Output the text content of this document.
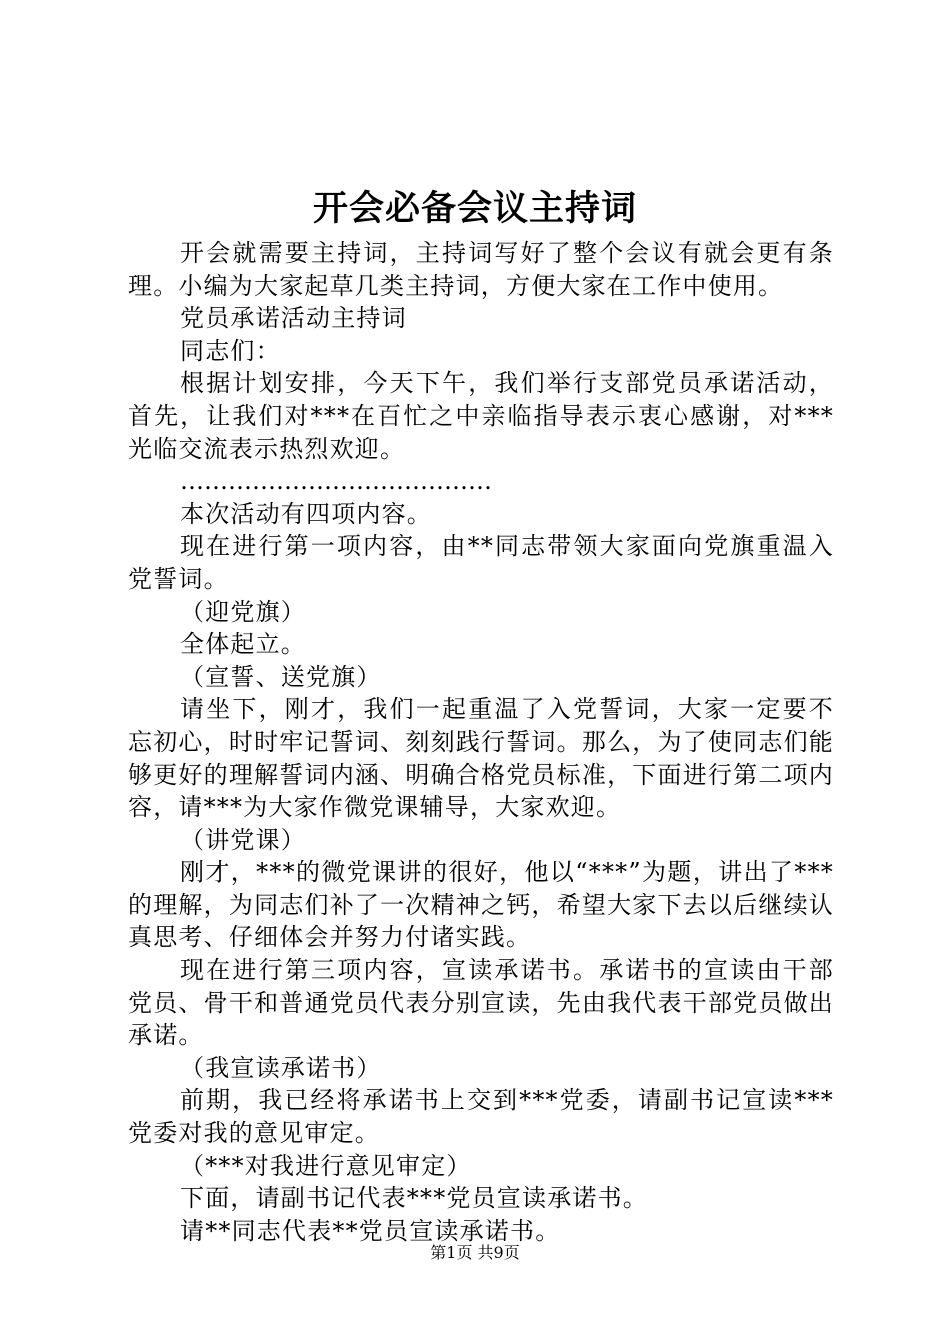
开会必备会议主持词

开会就需要主持词，主持词写好了整个会议有就会更有条理。小编为大家起草几类主持词，方便大家在工作中使用。

党员承诺活动主持词

同志们：

根据计划安排，今天下午，我们举行支部党员承诺活动，首先，让我们对***在百忙之中亲临指导表示衷心感谢，对***光临交流表示热烈欢迎。

…………………………………

本次活动有四项内容。

现在进行第一项内容，由**同志带领大家面向党旗重温入党誓词。

（迎党旗）

全体起立。

（宣誓、送党旗）

请坐下，刚才，我们一起重温了入党誓词，大家一定要不忘初心，时时牢记誓词、刻刻践行誓词。那么，为了使同志们能够更好的理解誓词内涵、明确合格党员标准，下面进行第二项内容，请***为大家作微党课辅导，大家欢迎。

（讲党课）

刚才，***的微党课讲的很好，他以“***”为题，讲出了***的理解，为同志们补了一次精神之钙，希望大家下去以后继续认真思考、仔细体会并努力付诸实践。

现在进行第三项内容，宣读承诺书。承诺书的宣读由干部党员、骨干和普通党员代表分别宣读，先由我代表干部党员做出承诺。

（我宣读承诺书）

前期，我已经将承诺书上交到***党委，请副书记宣读***党委对我的意见审定。

（***对我进行意见审定）

下面，请副书记代表***党员宣读承诺书。

请**同志代表**党员宣读承诺书。

第1页 共9页
